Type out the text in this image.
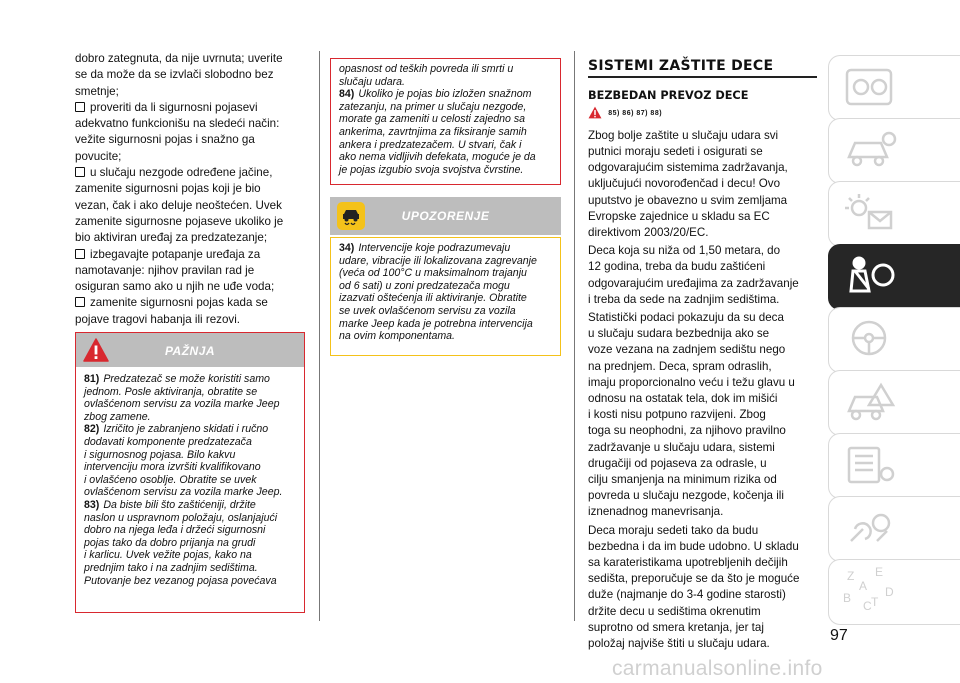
dobro zategnuta, da nije uvrnuta; uverite

se da može da se izvlači slobodno bez

smetnje;

proveriti da li sigurnosni pojasevi

adekvatno funkcionišu na sledeći način:

vežite sigurnosni pojas i snažno ga

povucite;

u slučaju nezgode određene jačine,

zamenite sigurnosni pojas koji je bio

vezan, čak i ako deluje neoštećen. Uvek

zamenite sigurnosne pojaseve ukoliko je

bio aktiviran uređaj za predzatezanje;

izbegavajte potapanje uređaja za

namotavanje: njihov pravilan rad je

osiguran samo ako u njih ne uđe voda;

zamenite sigurnosni pojas kada se

pojave tragovi habanja ili rezovi.

PAŽNJA

81) Predzatezač se može koristiti samo

jednom. Posle aktiviranja, obratite se

ovlašćenom servisu za vozila marke Jeep

zbog zamene.

82) Izričito je zabranjeno skidati i ručno

dodavati komponente predzatezača

i sigurnosnog pojasa. Bilo kakvu

intervenciju mora izvršiti kvalifikovano

i ovlašćeno osoblje. Obratite se uvek

ovlašćenom servisu za vozila marke Jeep.

83) Da biste bili što zaštićeniji, držite

naslon u uspravnom položaju, oslanjajući

dobro na njega leđa i držeći sigurnosni

pojas tako da dobro prijanja na grudi

i karlicu. Uvek vežite pojas, kako na

prednjim tako i na zadnjim sedištima.

Putovanje bez vezanog pojasa povećava

opasnost od teških povreda ili smrti u

slučaju udara.

84) Ukoliko je pojas bio izložen snažnom

zatezanju, na primer u slučaju nezgode,

morate ga zameniti u celosti zajedno sa

ankerima, zavrtnjima za fiksiranje samih

ankera i predzatezačem. U stvari, čak i

ako nema vidljivih defekata, moguće je da

je pojas izgubio svoja svojstva čvrstine.

UPOZORENJE

34) Intervencije koje podrazumevaju

udare, vibracije ili lokalizovana zagrevanje

(veća od 100°C u maksimalnom trajanju

od 6 sati) u zoni predzatezača mogu

izazvati oštećenja ili aktiviranje. Obratite

se uvek ovlašćenom servisu za vozila

marke Jeep kada je potrebna intervencija

na ovim komponentama.

SISTEMI ZAŠTITE DECE
BEZBEDAN PREVOZ DECE
$^{85) 86) 87) 88)}$

Zbog bolje zaštite u slučaju udara svi
putnici moraju sedeti i osigurati se
odgovarajućim sistemima zadržavanja,
uključujući novorođenčad i decu! Ovo
uputstvo je obavezno u svim zemljama
Evropske zajednice u skladu sa EC
direktivom 2003/20/EC.

Deca koja su niža od 1,50 metara, do
12 godina, treba da budu zaštićeni
odgovarajućim uređajima za zadržavanje
i treba da sede na zadnjim sedištima.

Statistički podaci pokazuju da su deca
u slučaju sudara bezbednija ako se
voze vezana na zadnjem sedištu nego
na prednjem. Deca, spram odraslih,
imaju proporcionalno veću i težu glavu u
odnosu na ostatak tela, dok im mišići
i kosti nisu potpuno razvijeni. Zbog
toga su neophodni, za njihovo pravilno
zadržavanje u slučaju udara, sistemi
drugačiji od pojaseva za odrasle, u
cilju smanjenja na minimum rizika od
povreda u slučaju nezgode, kočenja ili
iznenadnog manevrisanja.

Deca moraju sedeti tako da budu
bezbedna i da im bude udobno. U skladu
sa karateristikama upotrebljenih dečijih
sedišta, preporučuje se da što je moguće
duže (najmanje do 3-4 godine starosti)
držite decu u sedištima okrenutim
suprotno od smera kretanja, jer taj
položaj najviše štiti u slučaju udara.

Z E
A
B	D
C T
97
carmanualsonline.info
